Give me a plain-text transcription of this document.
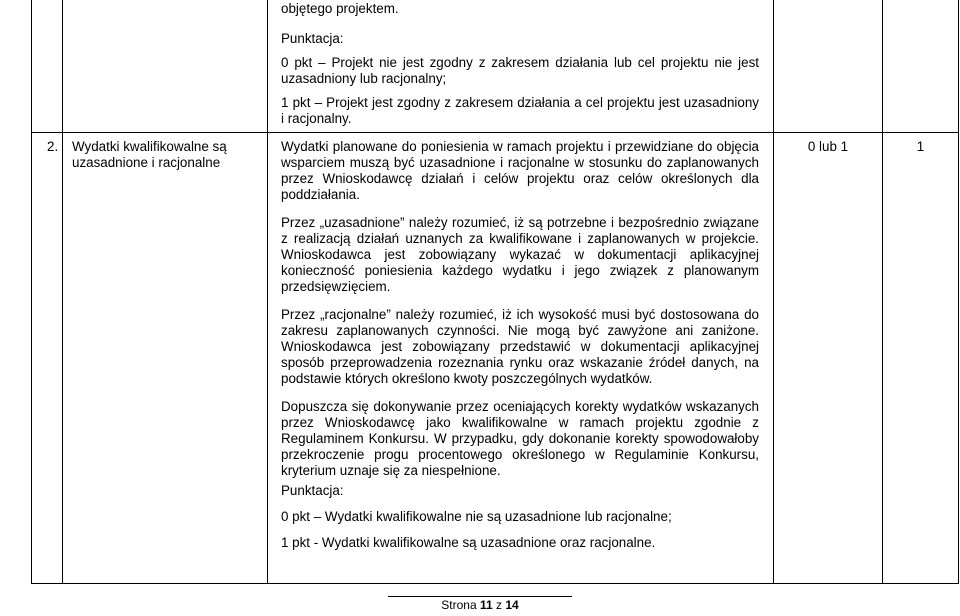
objętego projektem.

Punktacja:

0 pkt – Projekt nie jest zgodny z zakresem działania lub cel projektu nie jest uzasadniony lub racjonalny;

1 pkt – Projekt jest zgodny z zakresem działania a cel projektu jest uzasadniony i racjonalny.

2. Wydatki kwalifikowalne są uzasadnione i racjonalne

Wydatki planowane do poniesienia w ramach projektu i przewidziane do objęcia wsparciem muszą być uzasadnione i racjonalne w stosunku do zaplanowanych przez Wnioskodawcę działań i celów projektu oraz celów określonych dla poddziałania.

Przez „uzasadnione” należy rozumieć, iż są potrzebne i bezpośrednio związane z realizacją działań uznanych za kwalifikowane i zaplanowanych w projekcie. Wnioskodawca jest zobowiązany wykazać w dokumentacji aplikacyjnej konieczność poniesienia każdego wydatku i jego związek z planowanym przedsięwzięciem.

Przez „racjonalne” należy rozumieć, iż ich wysokość musi być dostosowana do zakresu zaplanowanych czynności. Nie mogą być zawyżone ani zaniżone. Wnioskodawca jest zobowiązany przedstawić w dokumentacji aplikacyjnej sposób przeprowadzenia rozeznania rynku oraz wskazanie źródeł danych, na podstawie których określono kwoty poszczególnych wydatków.

Dopuszcza się dokonywanie przez oceniających korekty wydatków wskazanych przez Wnioskodawcę jako kwalifikowalne w ramach projektu zgodnie z Regulaminem Konkursu. W przypadku, gdy dokonanie korekty spowodowałoby przekroczenie progu procentowego określonego w Regulaminie Konkursu, kryterium uznaje się za niespełnione.

Punktacja:

0 pkt – Wydatki kwalifikowalne nie są uzasadnione lub racjonalne;

1 pkt - Wydatki kwalifikowalne są uzasadnione oraz racjonalne.

0 lub 1	1
Strona 11 z 14
